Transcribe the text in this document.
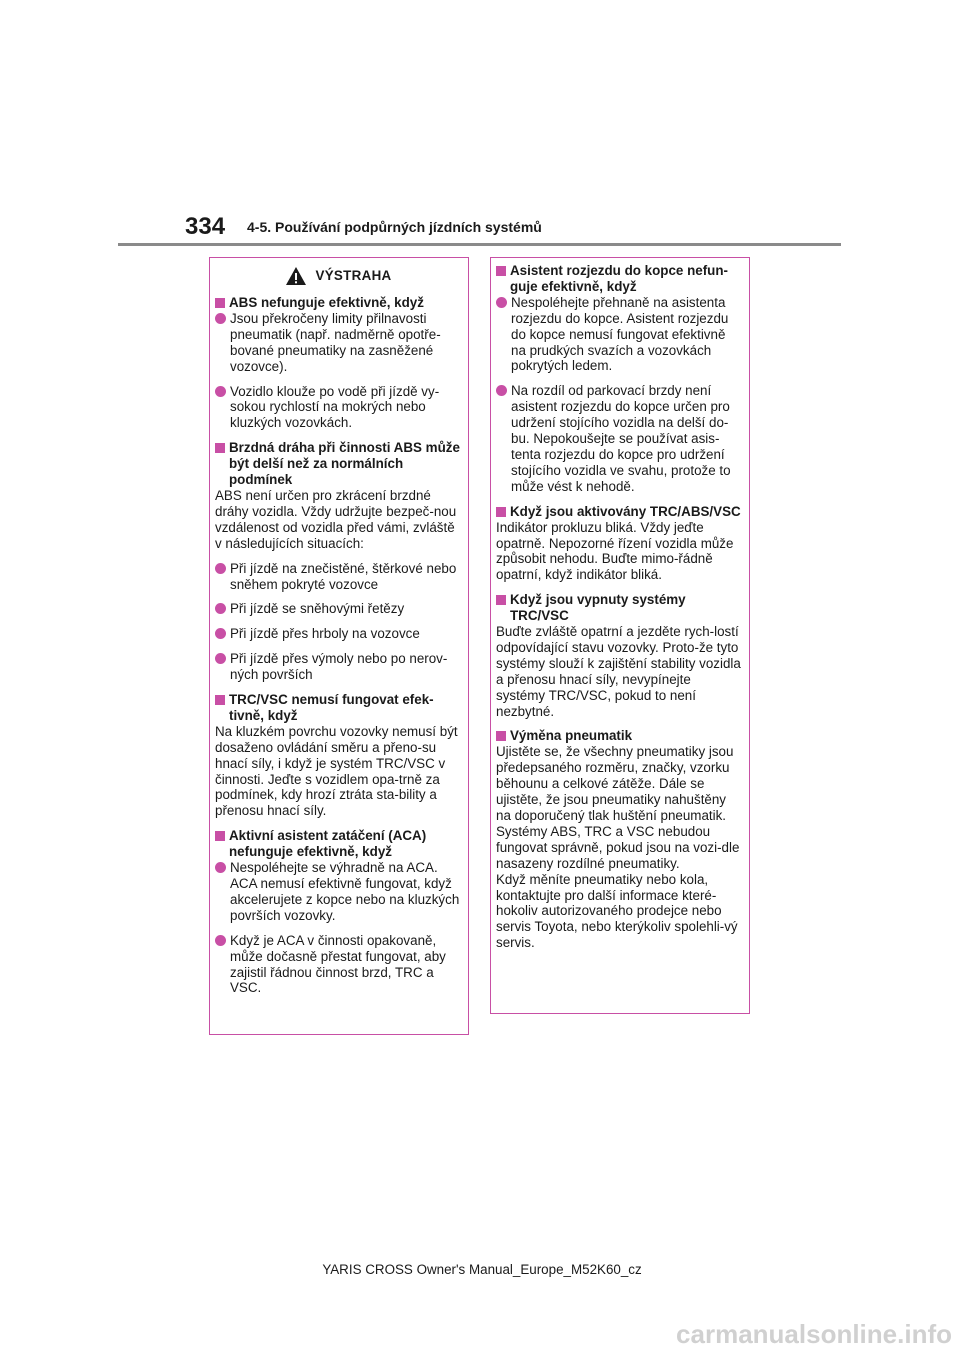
334 4-5. Používání podpůrných jízdních systémů
VÝSTRAHA
ABS nefunguje efektivně, když
Jsou překročeny limity přilnavosti pneumatik (např. nadměrně opotře-bované pneumatiky na zasněžené vozovce).
Vozidlo klouže po vodě při jízdě vy-sokou rychlostí na mokrých nebo kluzkých vozovkách.
Brzdná dráha při činnosti ABS může být delší než za normálních podmínek
ABS není určen pro zkrácení brzdné dráhy vozidla. Vždy udržujte bezpeč-nou vzdálenost od vozidla před vámi, zvláště v následujících situacích:
Při jízdě na znečistěné, štěrkové nebo sněhem pokryté vozovce
Při jízdě se sněhovými řetězy
Při jízdě přes hrboly na vozovce
Při jízdě přes výmoly nebo po nerov-ných površích
TRC/VSC nemusí fungovat efek-tivně, když
Na kluzkém povrchu vozovky nemusí být dosaženo ovládání směru a přeno-su hnací síly, i když je systém TRC/VSC v činnosti. Jeďte s vozidlem opa-trně za podmínek, kdy hrozí ztráta sta-bility a přenosu hnací síly.
Aktivní asistent zatáčení (ACA) nefunguje efektivně, když
Nespoléhejte se výhradně na ACA. ACA nemusí efektivně fungovat, když akcelerujete z kopce nebo na kluzkých površích vozovky.
Když je ACA v činnosti opakovaně, může dočasně přestat fungovat, aby zajistil řádnou činnost brzd, TRC a VSC.
Asistent rozjezdu do kopce nefun-guje efektivně, když
Nespoléhejte přehnaně na asistenta rozjezdu do kopce. Asistent rozjezdu do kopce nemusí fungovat efektivně na prudkých svazích a vozovkách pokrytých ledem.
Na rozdíl od parkovací brzdy není asistent rozjezdu do kopce určen pro udržení stojícího vozidla na delší do-bu. Nepokoušejte se používat asis-tenta rozjezdu do kopce pro udržení stojícího vozidla ve svahu, protože to může vést k nehodě.
Když jsou aktivovány TRC/ABS/VSC
Indikátor prokluzu bliká. Vždy jeďte opatrně. Nepozorné řízení vozidla může způsobit nehodu. Buďte mimo-řádně opatrní, když indikátor bliká.
Když jsou vypnuty systémy TRC/VSC
Buďte zvláště opatrní a jezděte rych-lostí odpovídající stavu vozovky. Proto-že tyto systémy slouží k zajištění stability vozidla a přenosu hnací síly, nevypínejte systémy TRC/VSC, pokud to není nezbytné.
Výměna pneumatik
Ujistěte se, že všechny pneumatiky jsou předepsaného rozměru, značky, vzorku běhounu a celkové zátěže. Dále se ujistěte, že jsou pneumatiky nahuštěny na doporučený tlak huštění pneumatik.
Systémy ABS, TRC a VSC nebudou fungovat správně, pokud jsou na vozi-dle nasazeny rozdílné pneumatiky.
Když měníte pneumatiky nebo kola, kontaktujte pro další informace které-hokoliv autorizovaného prodejce nebo servis Toyota, nebo kterýkoliv spolehli-vý servis.
YARIS CROSS Owner's Manual_Europe_M52K60_cz
carmanualsonline.info
